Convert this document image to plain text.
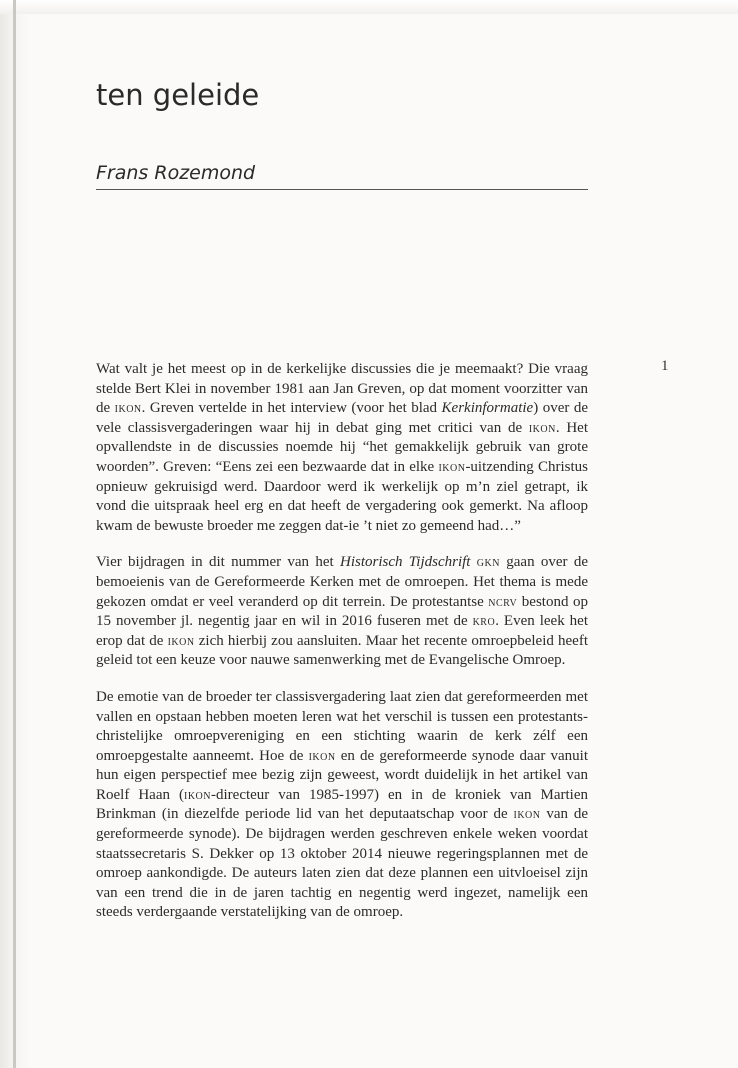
ten geleide
Frans Rozemond
1

Wat valt je het meest op in de kerkelijke discussies die je meemaakt? Die vraag stelde Bert Klei in november 1981 aan Jan Greven, op dat moment voorzitter van de ikon. Greven vertelde in het interview (voor het blad Kerkinformatie) over de vele classisvergaderingen waar hij in debat ging met critici van de ikon. Het opvallendste in de discussies noemde hij “het gemakkelijk gebruik van grote woorden”. Greven: “Eens zei een bezwaarde dat in elke ikon-uitzending Christus opnieuw gekruisigd werd. Daardoor werd ik werkelijk op m’n ziel getrapt, ik vond die uitspraak heel erg en dat heeft de vergadering ook gemerkt. Na afloop kwam de bewuste broeder me zeggen dat-ie ’t niet zo gemeend had…”

Vier bijdragen in dit nummer van het Historisch Tijdschrift gkn gaan over de bemoeienis van de Gereformeerde Kerken met de omroepen. Het thema is mede gekozen omdat er veel veranderd op dit terrein. De protestantse ncrv bestond op 15 november jl. negentig jaar en wil in 2016 fuseren met de kro. Even leek het erop dat de ikon zich hierbij zou aansluiten. Maar het recente omroepbeleid heeft geleid tot een keuze voor nauwe samenwerking met de Evangelische Omroep.

De emotie van de broeder ter classisvergadering laat zien dat gereformeerden met vallen en opstaan hebben moeten leren wat het verschil is tussen een protestants-christelijke omroepvereniging en een stichting waarin de kerk zélf een omroepgestalte aanneemt. Hoe de ikon en de gereformeerde synode daar vanuit hun eigen perspectief mee bezig zijn geweest, wordt duidelijk in het artikel van Roelf Haan (ikon-directeur van 1985-1997) en in de kroniek van Martien Brinkman (in diezelfde periode lid van het deputaatschap voor de ikon van de gereformeerde synode). De bijdragen werden geschreven enkele weken voordat staatssecretaris S. Dekker op 13 oktober 2014 nieuwe regeringsplannen met de omroep aankondigde. De auteurs laten zien dat deze plannen een uitvloeisel zijn van een trend die in de jaren tachtig en negentig werd ingezet, namelijk een steeds verdergaande verstatelijking van de omroep.
